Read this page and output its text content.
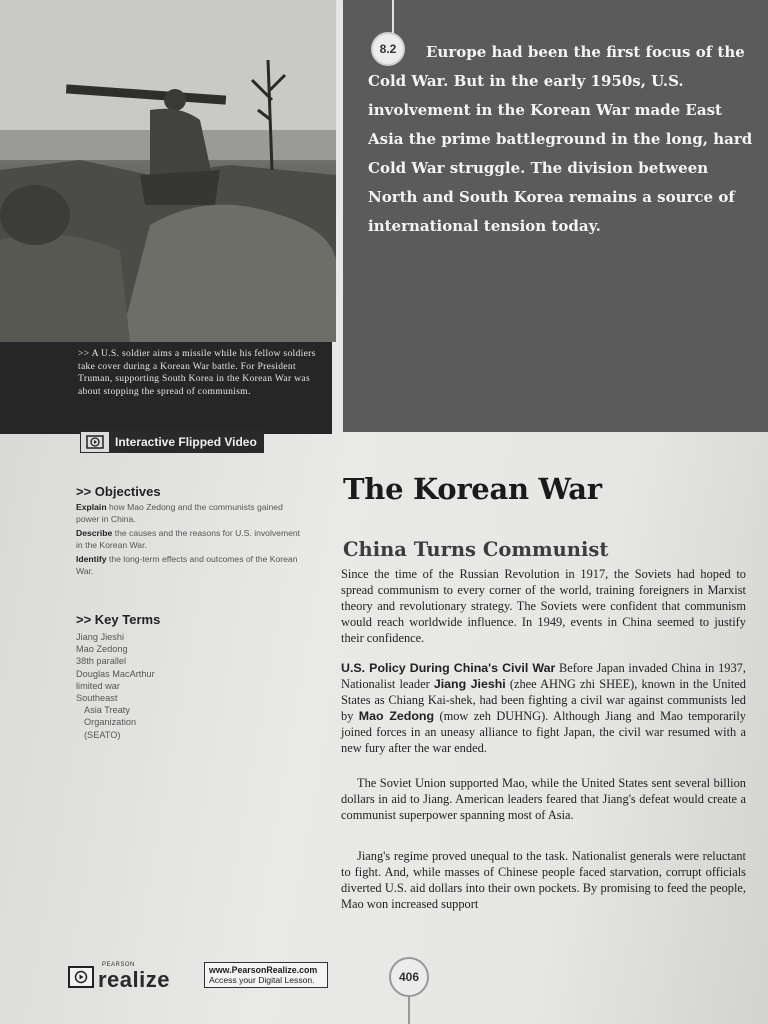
>> A U.S. soldier aims a missile while his fellow soldiers take cover during a Korean War battle. For President Truman, supporting South Korea in the Korean War was about stopping the spread of communism.
Interactive Flipped Video
8.2	Europe had been the first focus of the Cold War. But in the early 1950s, U.S. involvement in the Korean War made East Asia the prime battleground in the long, hard Cold War struggle. The division between North and South Korea remains a source of international tension today.
>> Objectives
Explain how Mao Zedong and the communists gained power in China.
Describe the causes and the reasons for U.S. involvement in the Korean War.
Identify the long-term effects and outcomes of the Korean War.
>> Key Terms
Jiang Jieshi
Mao Zedong
38th parallel
Douglas MacArthur
limited war
Southeast
Asia Treaty
Organization
(SEATO)
The Korean War
China Turns Communist
Since the time of the Russian Revolution in 1917, the Soviets had hoped to spread communism to every corner of the world, training foreigners in Marxist theory and revolutionary strategy. The Soviets were confident that communism would reach worldwide influence. In 1949, events in China seemed to justify their confidence.
U.S. Policy During China's Civil War Before Japan invaded China in 1937, Nationalist leader Jiang Jieshi (zhee AHNG zhi SHEE), known in the United States as Chiang Kai-shek, had been fighting a civil war against communists led by Mao Zedong (mow zeh DUHNG). Although Jiang and Mao temporarily joined forces in an uneasy alliance to fight Japan, the civil war resumed with a new fury after the war ended.
The Soviet Union supported Mao, while the United States sent several billion dollars in aid to Jiang. American leaders feared that Jiang's defeat would create a communist superpower spanning most of Asia.
Jiang's regime proved unequal to the task. Nationalist generals were reluctant to fight. And, while masses of Chinese people faced starvation, corrupt officials diverted U.S. aid dollars into their own pockets. By promising to feed the people, Mao won increased support
PEARSON
realize	www.PearsonRealize.com
Access your Digital Lesson.	406
